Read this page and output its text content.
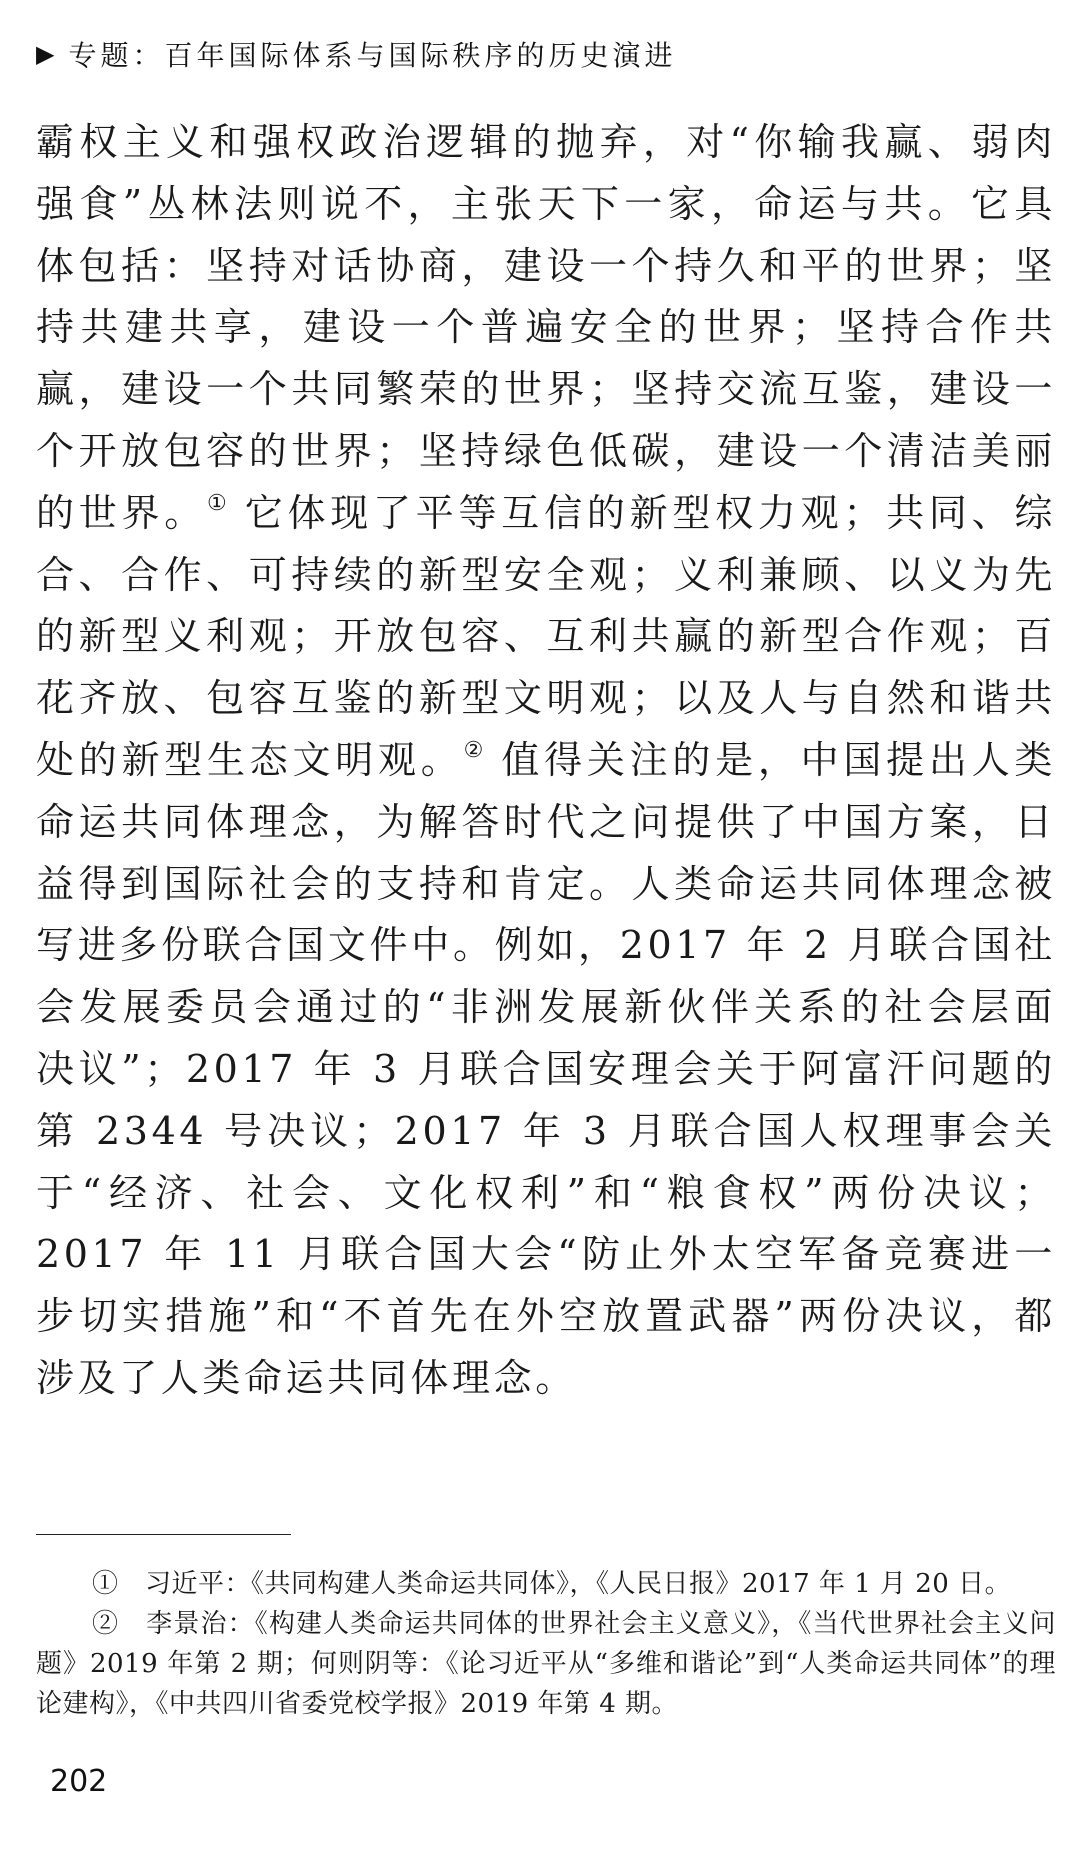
▶ 专题：百年国际体系与国际秩序的历史演进
霸权主义和强权政治逻辑的抛弃，对“你输我赢、弱肉强食”丛林法则说不，主张天下一家，命运与共。它具体包括：坚持对话协商，建设一个持久和平的世界；坚持共建共享，建设一个普遍安全的世界；坚持合作共赢，建设一个共同繁荣的世界；坚持交流互鉴，建设一个开放包容的世界；坚持绿色低碳，建设一个清洁美丽的世界。① 它体现了平等互信的新型权力观；共同、综合、合作、可持续的新型安全观；义利兼顾、以义为先的新型义利观；开放包容、互利共赢的新型合作观；百花齐放、包容互鉴的新型文明观；以及人与自然和谐共处的新型生态文明观。② 值得关注的是，中国提出人类命运共同体理念，为解答时代之问提供了中国方案，日益得到国际社会的支持和肯定。人类命运共同体理念被写进多份联合国文件中。例如，2017 年 2 月联合国社会发展委员会通过的“非洲发展新伙伴关系的社会层面决议”；2017 年 3 月联合国安理会关于阿富汗问题的第 2344 号决议；2017 年 3 月联合国人权理事会关于“经济、社会、文化权利”和“粮食权”两份决议；2017 年 11 月联合国大会“防止外太空军备竞赛进一步切实措施”和“不首先在外空放置武器”两份决议，都涉及了人类命运共同体理念。
①　习近平：《共同构建人类命运共同体》，《人民日报》2017 年 1 月 20 日。
②　李景治：《构建人类命运共同体的世界社会主义意义》，《当代世界社会主义问题》2019 年第 2 期；何则阴等：《论习近平从“多维和谐论”到“人类命运共同体”的理论建构》，《中共四川省委党校学报》2019 年第 4 期。
202
